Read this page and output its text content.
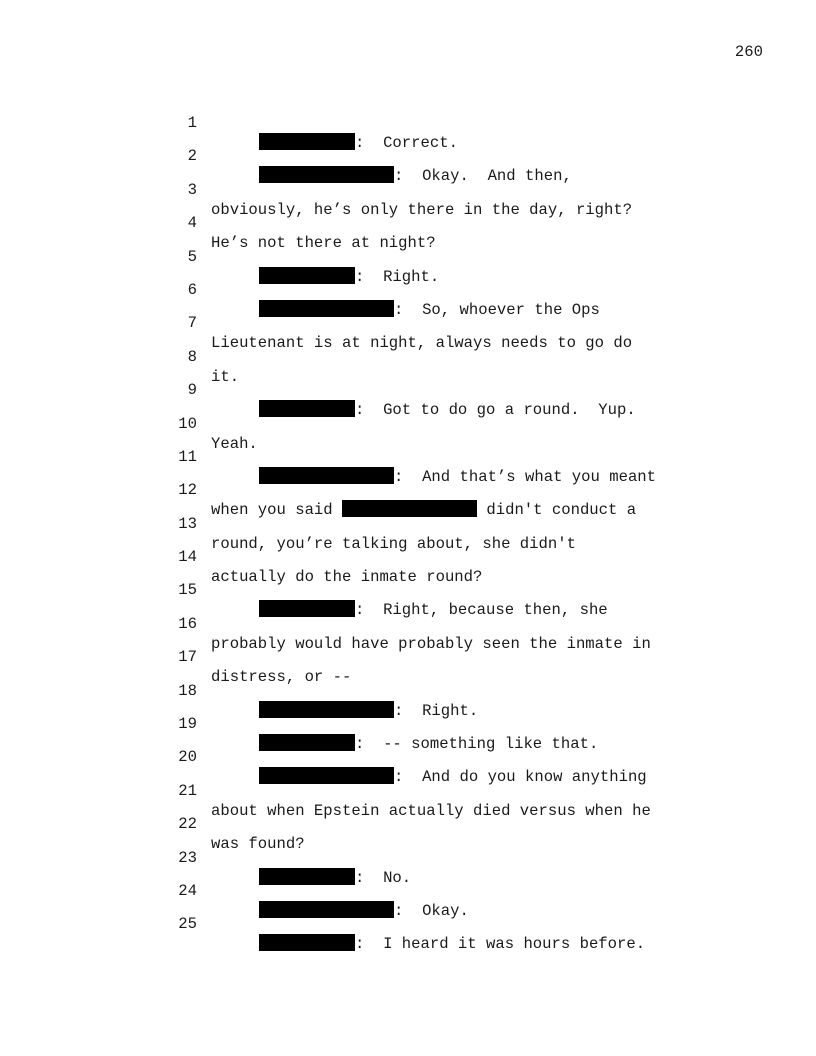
260

1

:  Correct.

2

:  Okay.  And then,

3

obviously, he’s only there in the day, right?

4

He’s not there at night?

5

:  Right.

6

:  So, whoever the Ops

7

Lieutenant is at night, always needs to go do

8

it.

9

:  Got to do go a round.  Yup.

10

Yeah.

11

:  And that’s what you meant

12

when you said	didn't conduct a

13

round, you’re talking about, she didn't

14

actually do the inmate round?

15

:  Right, because then, she

16

probably would have probably seen the inmate in

17

distress, or --

18

:  Right.

19

:  -- something like that.

20

:  And do you know anything

21

about when Epstein actually died versus when he

22

was found?

23

:  No.

24

:  Okay.

25

:  I heard it was hours before.
